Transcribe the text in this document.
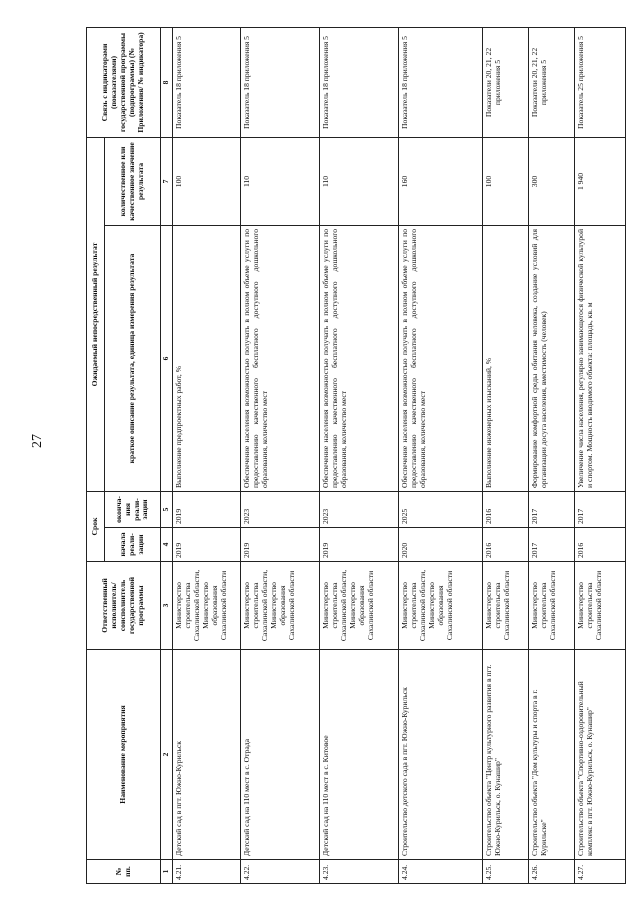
27
№ пп.	Наименование мероприятия	Ответственный исполнитель/соисполнитель государственной программы	Срок		Ожидаемый непосредственный результат		Связь с индикаторами (показателями) государственной программы (подпрограммы) (№ Приложения/ № индикатора)
			начала реали-зации	оконча-ния реали-зации	краткое описание результата, единица измерения результата	количественное или качественное значение результата	

1	2	3	4	5	6	7	8
4.21.	Детский сад в пгт. Южно-Курильск	Министерство строительства Сахалинской области, Министерство образования Сахалинской области	2019	2019	Выполнение предпроектных работ, %	100	Показатель 18 приложения 5
4.22.	Детский сад на 110 мест в с. Отрада	Министерство строительства Сахалинской области, Министерство образования Сахалинской области	2019	2023	Обеспечение населения возможностью получать в полном объеме услуги по предоставлению качественного бесплатного доступного дошкольного образования, количество мест	110	Показатель 18 приложения 5
4.23.	Детский сад на 110 мест в с. Китовое	Министерство строительства Сахалинской области, Министерство образования Сахалинской области	2019	2023	Обеспечение населения возможностью получать в полном объеме услуги по предоставлению качественного бесплатного доступного дошкольного образования, количество мест	110	Показатель 18 приложения 5
4.24.	Строительство детского сада в пгт. Южно-Курильск	Министерство строительства Сахалинской области, Министерство образования Сахалинской области	2020	2025	Обеспечение населения возможностью получать в полном объеме услуги по предоставлению качественного бесплатного доступного дошкольного образования, количество мест	160	Показатель 18 приложения 5
4.25.	Строительство объекта "Центр культурного развития в пгт. Южно-Курильск, о. Кунашир"	Министерство строительства Сахалинской области	2016	2016	Выполнение инженерных изысканий, %	100	Показатели 20, 21, 22 приложения 5
4.26.	Строительство объекта "Дом культуры и спорта в г. Курильске"	Министерство строительства Сахалинской области	2017	2017	Формирование комфортной среды обитания человека, создание условий для организации досуга населения, вместимость (человек)	300	Показатели 20, 21, 22 приложения 5
4.27.	Строительство объекта "Спортивно-оздоровительный комплекс в пгт. Южно-Курильск, о. Кунашир"	Министерство строительства Сахалинской области	2016	2017	Увеличение числа населения, регулярно занимающегося физической культурой и спортом. Мощность вводимого объекта: площадь, кв. м	1 940	Показатель 25 приложения 5
